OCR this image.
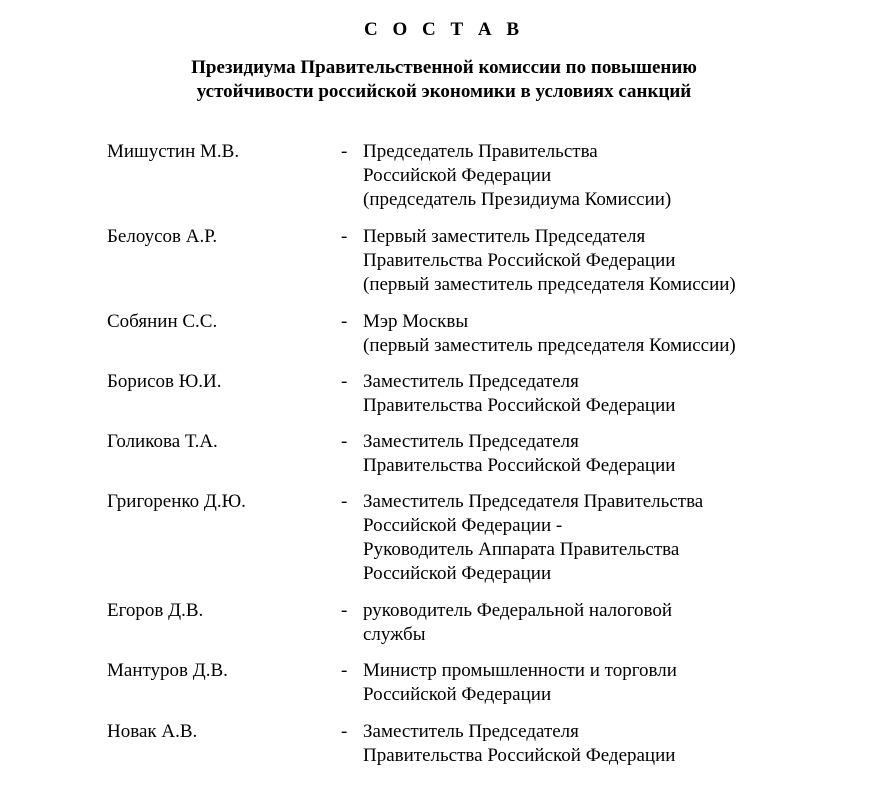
С О С Т А В
Президиума Правительственной комиссии по повышению
устойчивости российской экономики в условиях санкций
Мишустин М.В.	- Председатель Правительства
Российской Федерации
(председатель Президиума Комиссии)
Белоусов А.Р.	- Первый заместитель Председателя
Правительства Российской Федерации
(первый заместитель председателя Комиссии)
Собянин С.С.	- Мэр Москвы
(первый заместитель председателя Комиссии)
Борисов Ю.И.	- Заместитель Председателя
Правительства Российской Федерации
Голикова Т.А.	- Заместитель Председателя
Правительства Российской Федерации
Григоренко Д.Ю.	- Заместитель Председателя Правительства
Российской Федерации -
Руководитель Аппарата Правительства
Российской Федерации
Егоров Д.В.	- руководитель Федеральной налоговой
службы
Мантуров Д.В.	- Министр промышленности и торговли
Российской Федерации
Новак А.В.	- Заместитель Председателя
Правительства Российской Федерации
